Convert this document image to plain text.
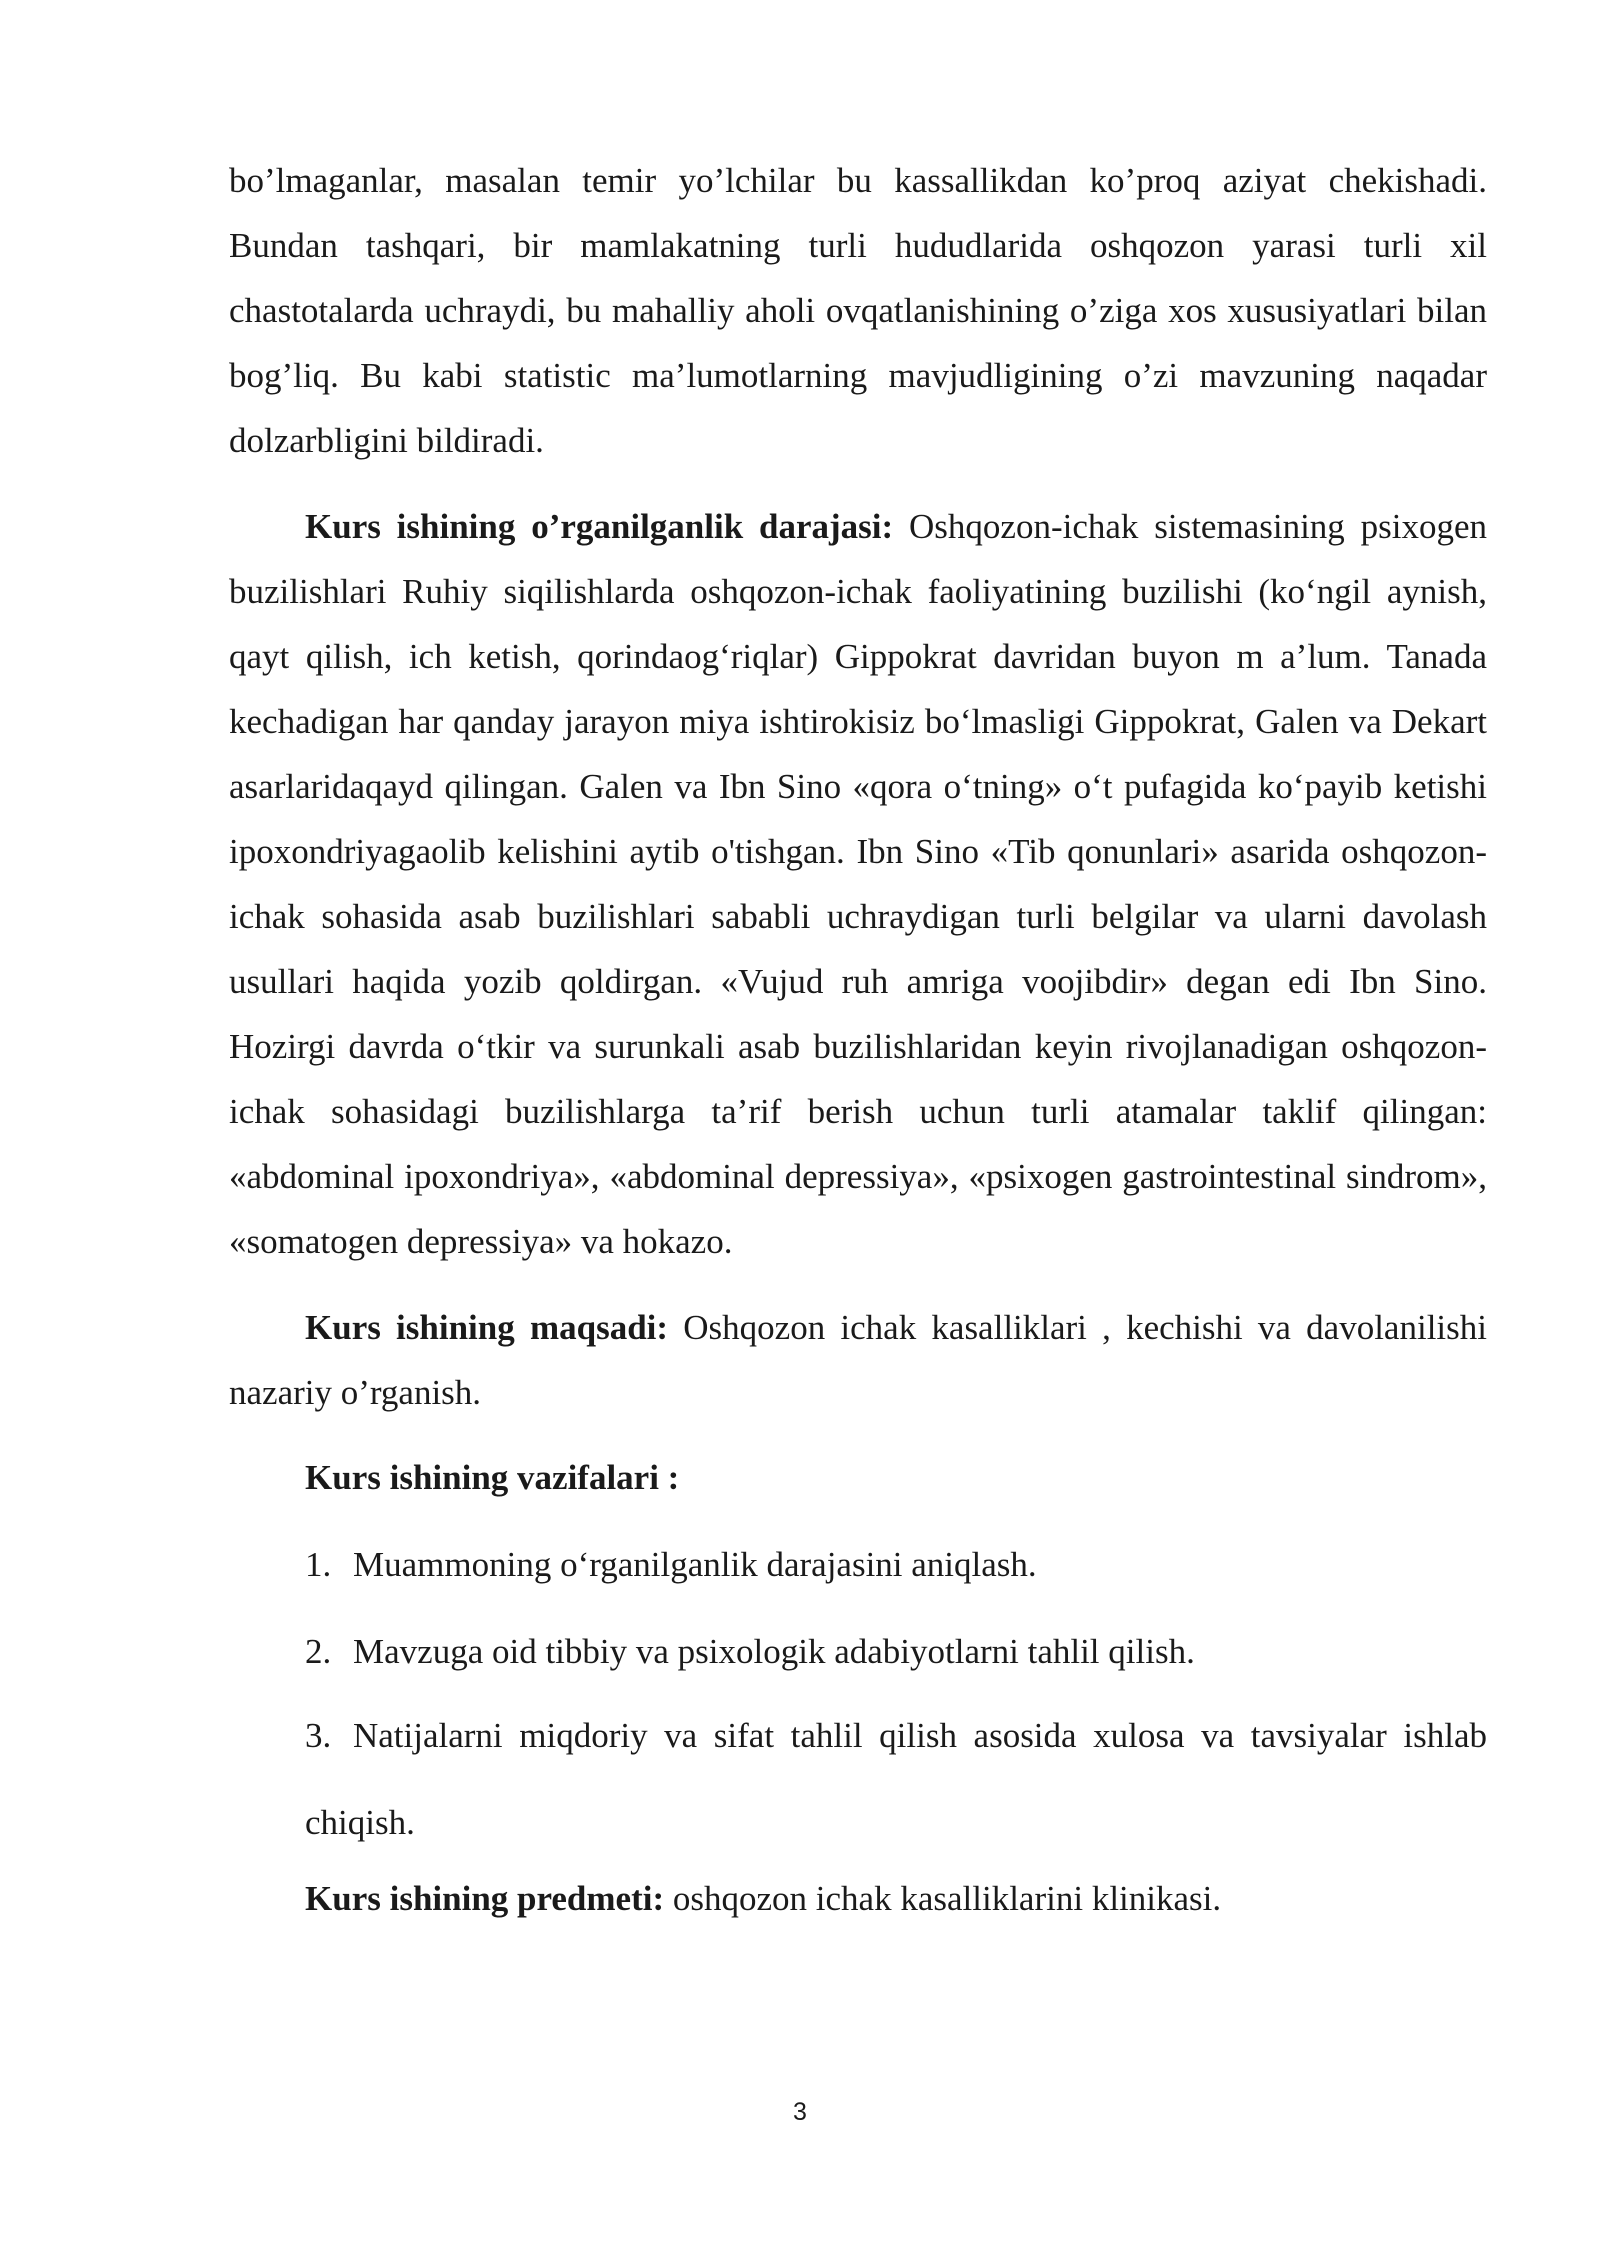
bo’lmaganlar, masalan temir yo’lchilar bu kassallikdan ko’proq aziyat chekishadi. Bundan tashqari, bir mamlakatning turli hududlarida oshqozon yarasi turli xil chastotalarda uchraydi, bu mahalliy aholi ovqatlanishining o’ziga xos xususiyatlari bilan bog’liq. Bu kabi statistic ma’lumotlarning mavjudligining o’zi mavzuning naqadar dolzarbligini bildiradi.

Kurs ishining o’rganilganlik darajasi: Oshqozon-ichak sistemasining psixogen buzilishlari Ruhiy siqilishlarda oshqozon-ichak faoliyatining buzilishi (ko‘ngil aynish, qayt qilish, ich ketish, qorindaog‘riqlar) Gippokrat davridan buyon m a’lum. Tanada kechadigan har qanday jarayon miya ishtirokisiz bo‘lmasligi Gippokrat, Galen va Dekart asarlaridaqayd qilingan. Galen va Ibn Sino «qora o‘tning» o‘t pufagida ko‘payib ketishi ipoxondriyagaolib kelishini aytib o'tishgan. Ibn Sino «Tib qonunlari» asarida oshqozon-ichak sohasida asab buzilishlari sababli uchraydigan turli belgilar va ularni davolash usullari haqida yozib qoldirgan. «Vujud ruh amriga voojibdir» degan edi Ibn Sino. Hozirgi davrda o‘tkir va surunkali asab buzilishlaridan keyin rivojlanadigan oshqozon-ichak sohasidagi buzilishlarga ta’rif berish uchun turli atamalar taklif qilingan: «abdominal ipoxondriya», «abdominal depressiya», «psixogen gastrointestinal sindrom», «somatogen depressiya» va hokazo.

Kurs ishining maqsadi: Oshqozon ichak kasalliklari , kechishi va davolanilishi nazariy o’rganish.

Kurs ishining vazifalari :

1. Muammoning o‘rganilganlik darajasini aniqlash.
2. Mavzuga oid tibbiy va psixologik adabiyotlarni tahlil qilish.
3. Natijalarni miqdoriy va sifat tahlil qilish asosida xulosa va tavsiyalar ishlab chiqish.

Kurs ishining predmeti: oshqozon ichak kasalliklarini klinikasi.

3
